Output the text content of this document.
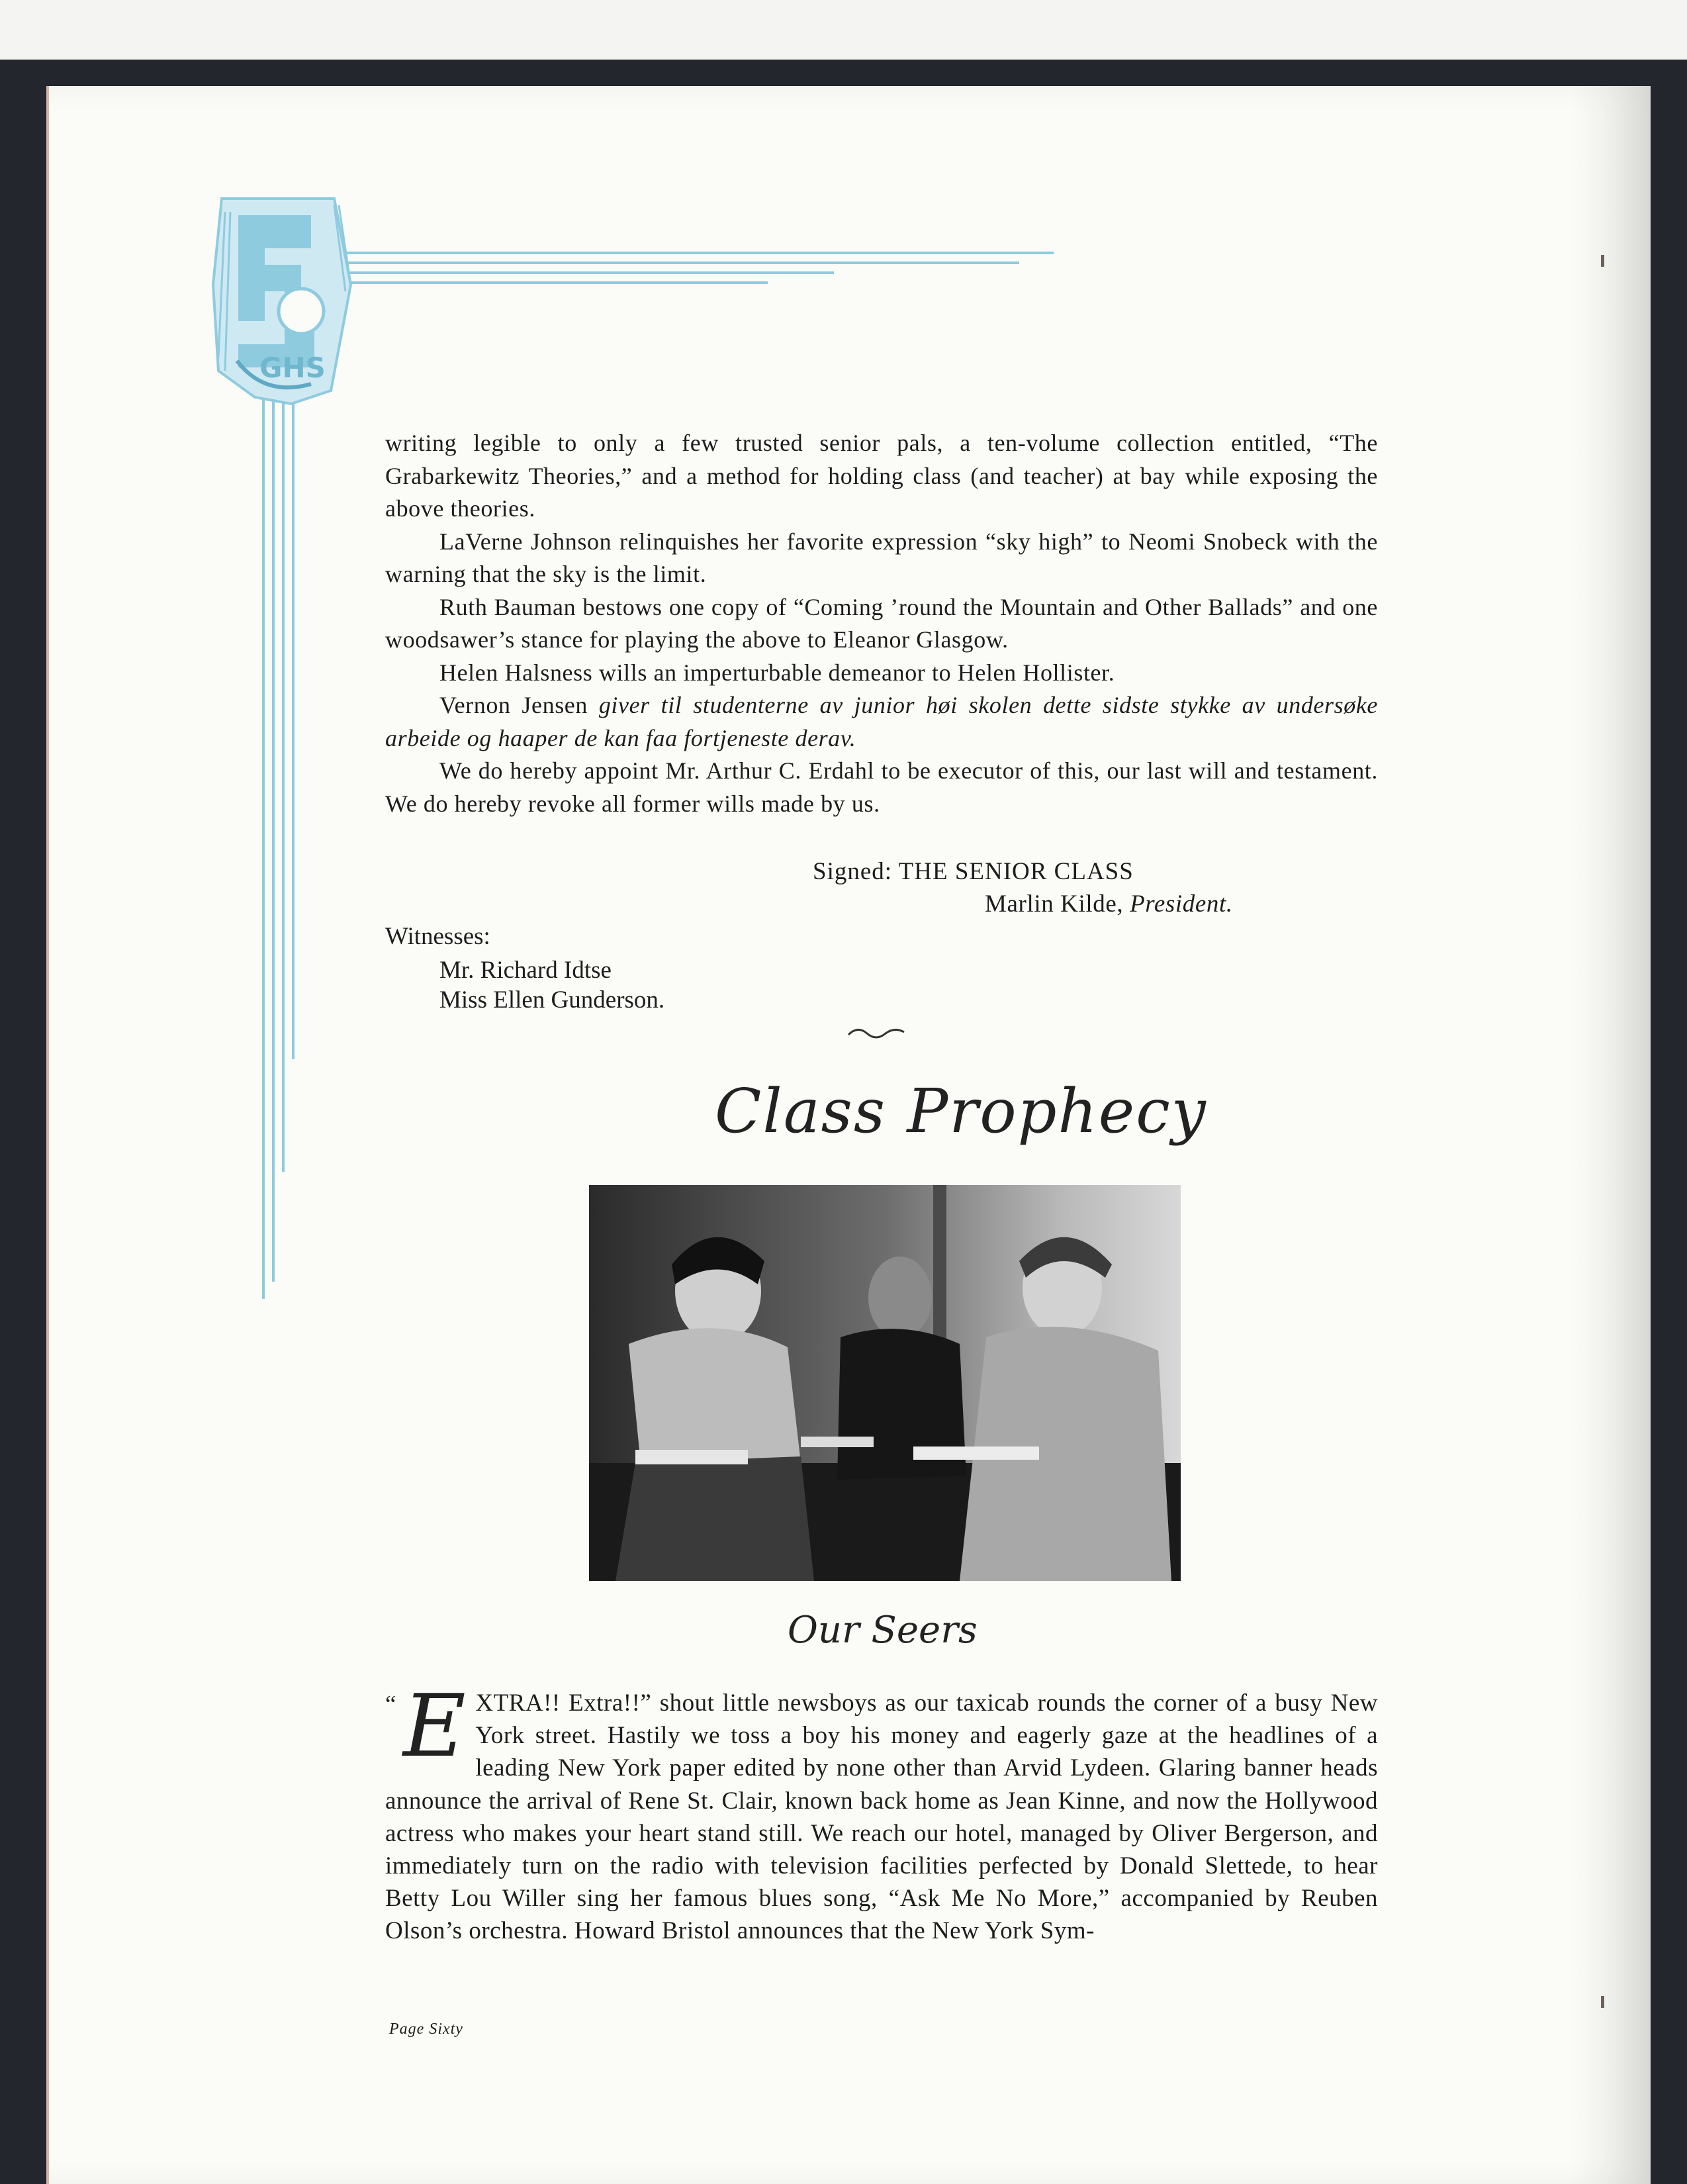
GHS

writing legible to only a few trusted senior pals, a ten-volume collection entitled, “The Grabarkewitz Theories,” and a method for holding class (and teacher) at bay while exposing the above theories.

LaVerne Johnson relinquishes her favorite expression “sky high” to Neomi Snobeck with the warning that the sky is the limit.

Ruth Bauman bestows one copy of “Coming ’round the Mountain and Other Ballads” and one woodsawer’s stance for playing the above to Eleanor Glasgow.

Helen Halsness wills an imperturbable demeanor to Helen Hollister.

Vernon Jensen giver til studenterne av junior høi skolen dette sidste stykke av undersøke arbeide og haaper de kan faa fortjeneste derav.

We do hereby appoint Mr. Arthur C. Erdahl to be executor of this, our last will and testament. We do hereby revoke all former wills made by us.

Signed: THE SENIOR CLASS
Marlin Kilde, President.
Witnesses:
Mr. Richard Idtse
Miss Ellen Gunderson.
Class Prophecy
Our Seers
“ E XTRA!! Extra!!” shout little newsboys as our taxicab rounds the corner of a busy New York street. Hastily we toss a boy his money and eagerly gaze at the headlines of a leading New York paper edited by none other than Arvid Lydeen. Glaring banner heads announce the arrival of Rene St. Clair, known back home as Jean Kinne, and now the Hollywood actress who makes your heart stand still. We reach our hotel, managed by Oliver Bergerson, and immediately turn on the radio with television facilities perfected by Donald Slettede, to hear Betty Lou Willer sing her famous blues song, “Ask Me No More,” accompanied by Reuben Olson’s orchestra. Howard Bristol announces that the New York Sym-

Page Sixty
